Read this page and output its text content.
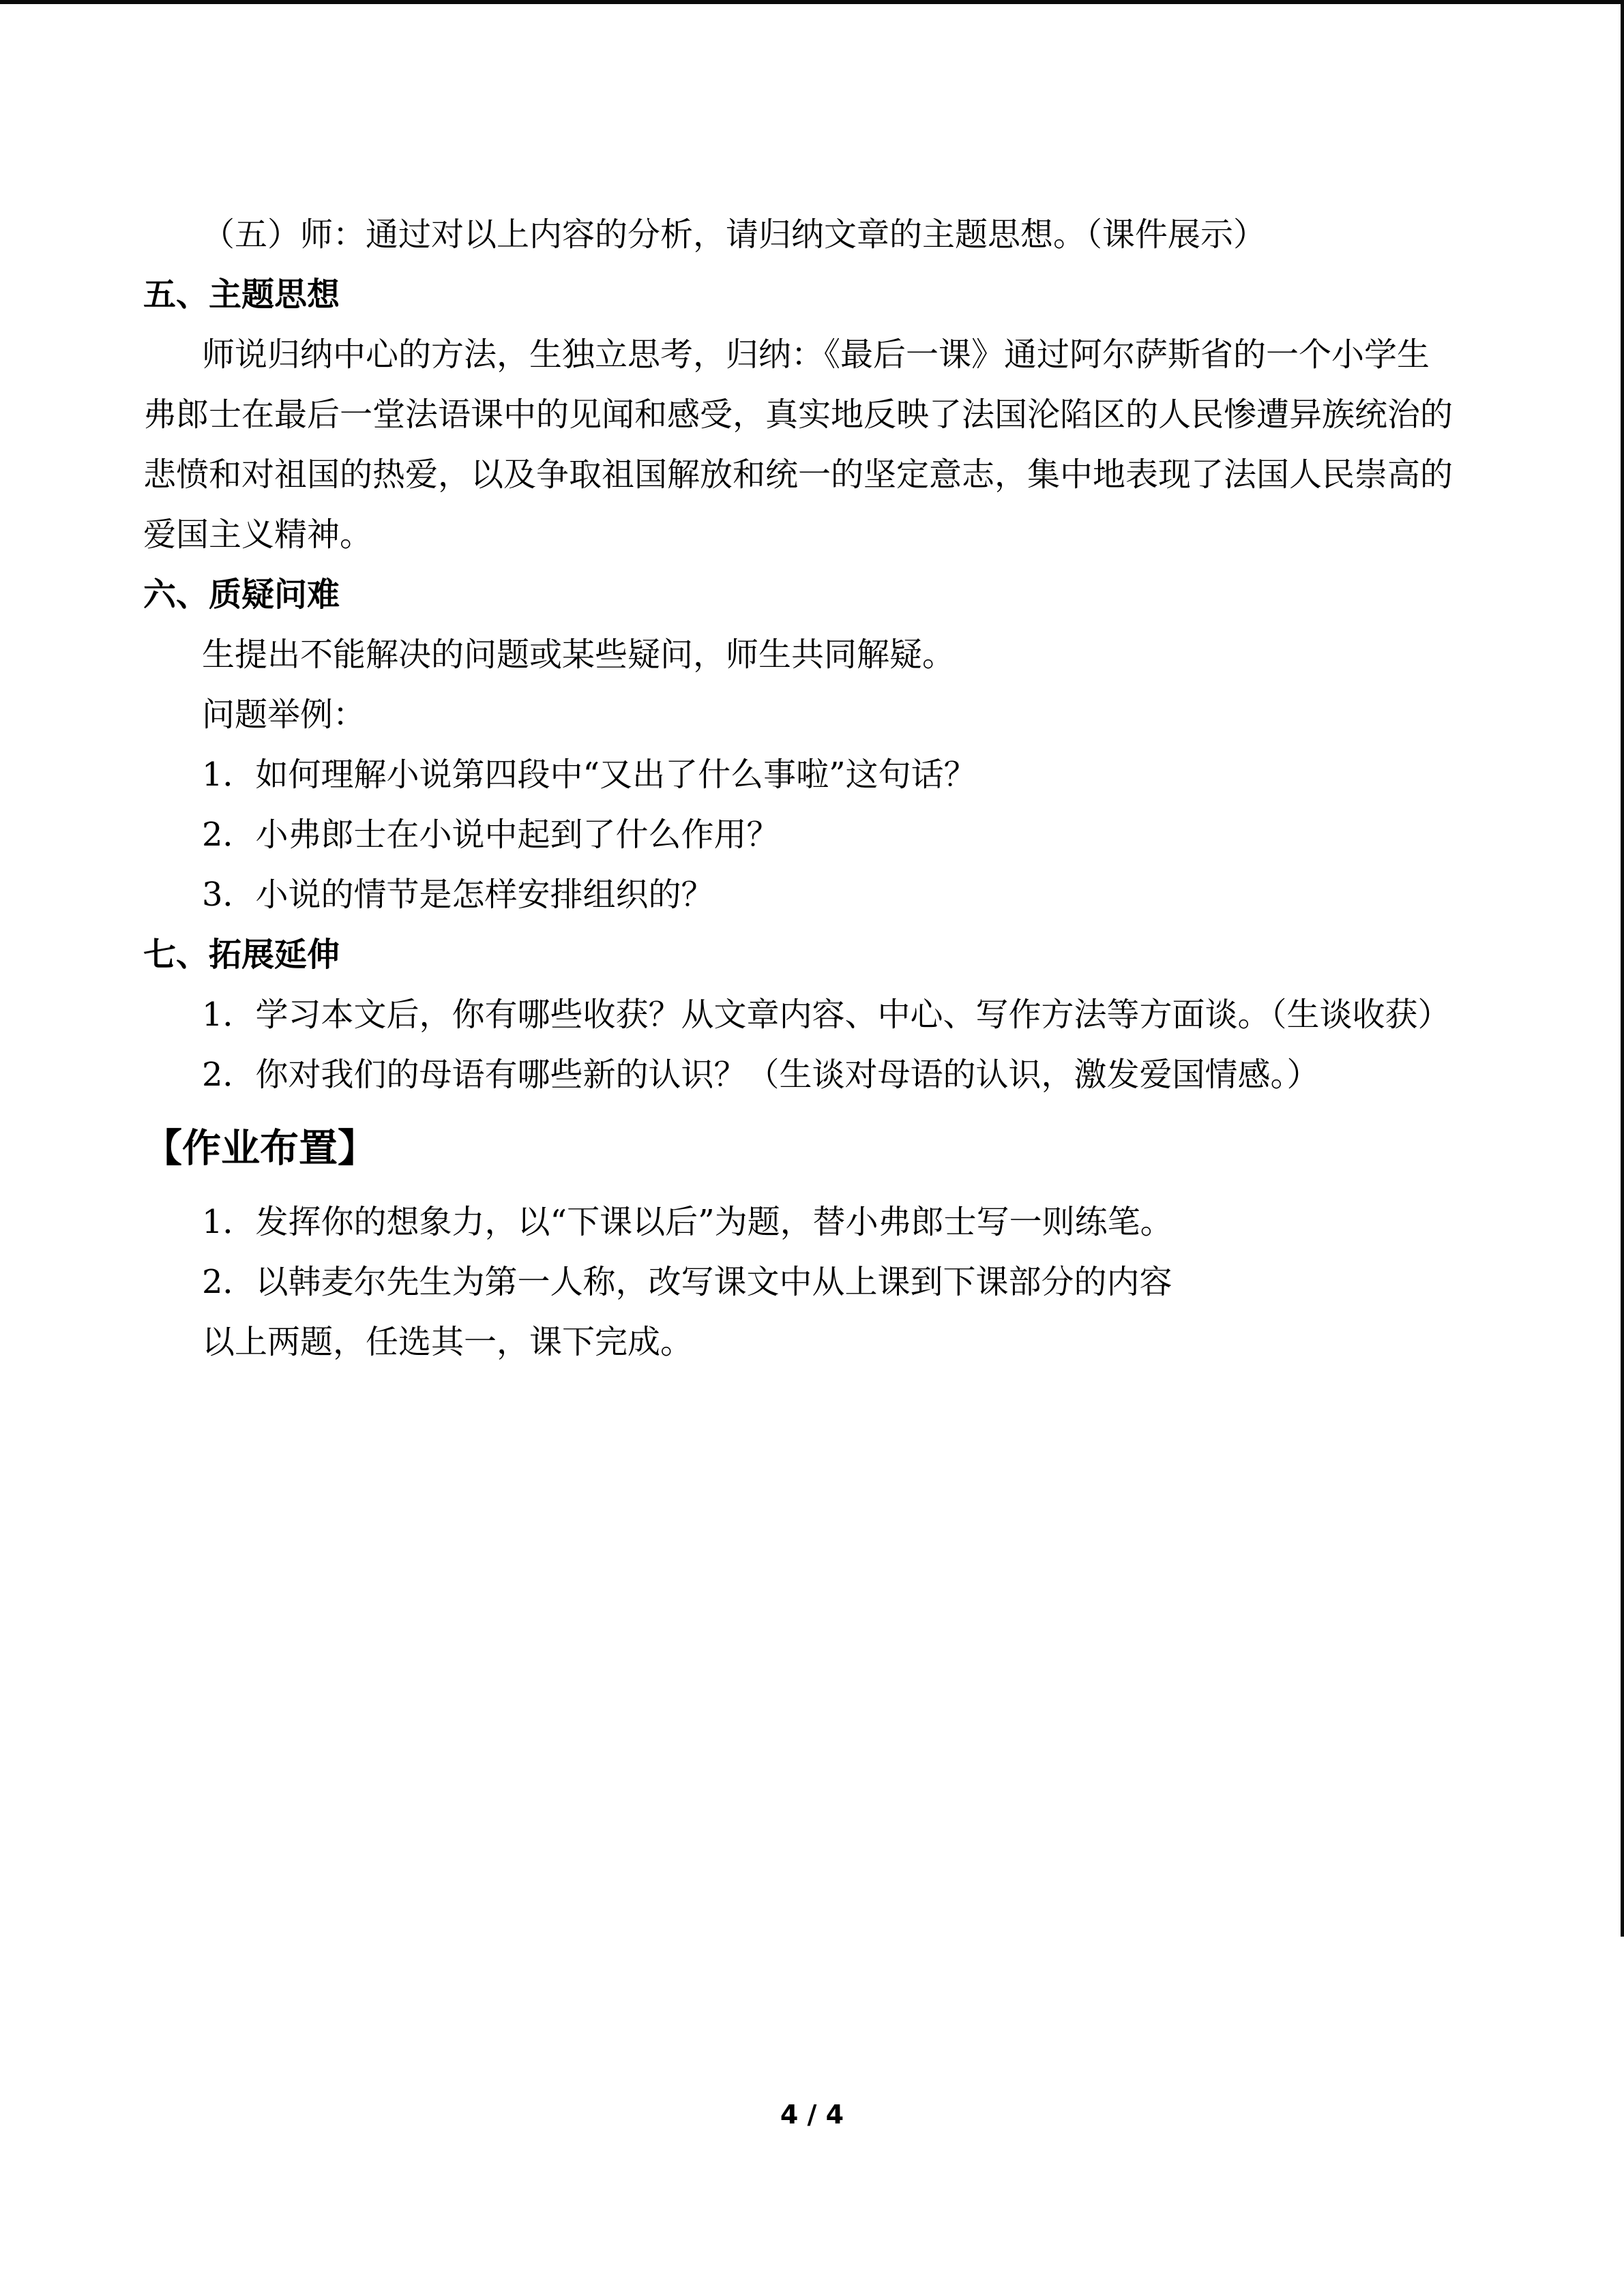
（五）师：通过对以上内容的分析，请归纳文章的主题思想。（课件展示）
五、主题思想
师说归纳中心的方法，生独立思考，归纳：《最后一课》通过阿尔萨斯省的一个小学生
弗郎士在最后一堂法语课中的见闻和感受，真实地反映了法国沦陷区的人民惨遭异族统治的
悲愤和对祖国的热爱，以及争取祖国解放和统一的坚定意志，集中地表现了法国人民崇高的
爱国主义精神。
六、质疑问难
生提出不能解决的问题或某些疑问，师生共同解疑。
问题举例：
1．如何理解小说第四段中“又出了什么事啦”这句话？
2．小弗郎士在小说中起到了什么作用？
3．小说的情节是怎样安排组织的？
七、拓展延伸
1．学习本文后，你有哪些收获？从文章内容、中心、写作方法等方面谈。（生谈收获）
2．你对我们的母语有哪些新的认识？（生谈对母语的认识，激发爱国情感。）
【作业布置】
1．发挥你的想象力，以“下课以后”为题，替小弗郎士写一则练笔。
2．以韩麦尔先生为第一人称，改写课文中从上课到下课部分的内容
以上两题，任选其一，课下完成。
4 / 4
